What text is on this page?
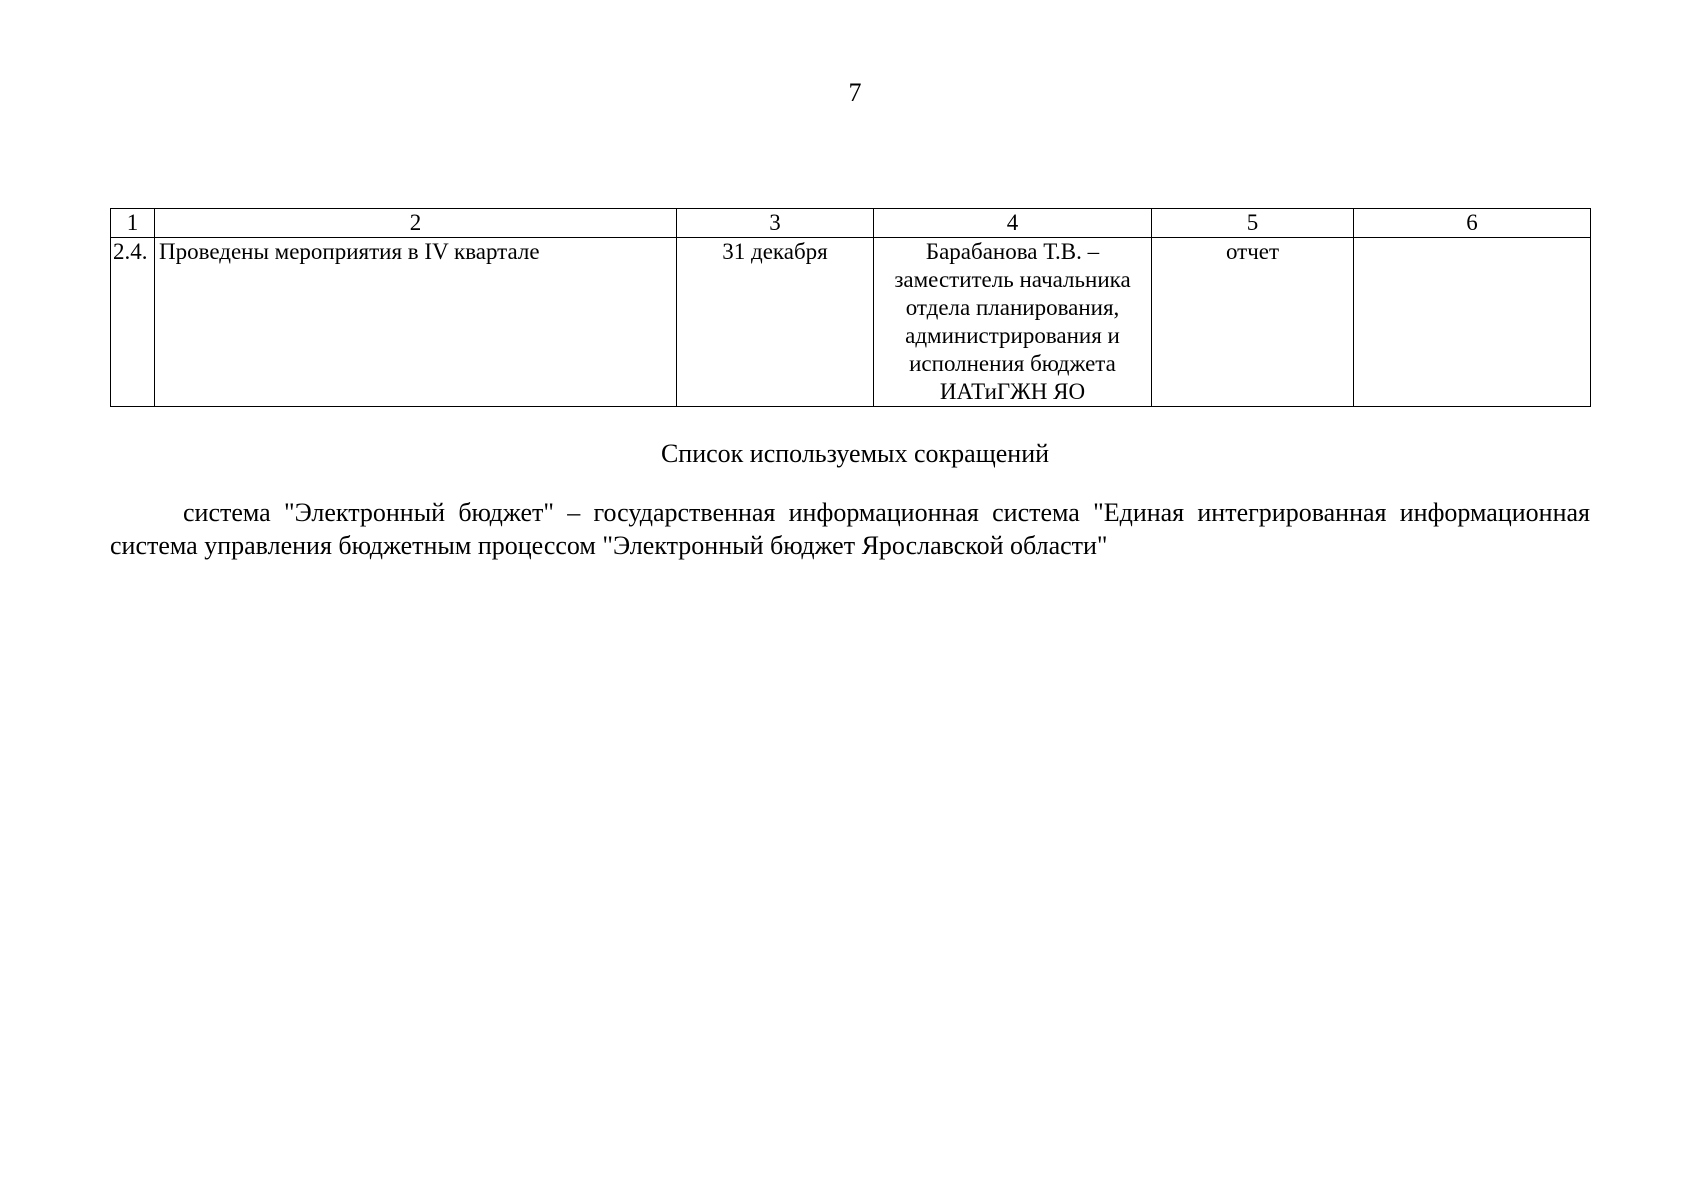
7
1	2	3	4	5	6
2.4.	Проведены мероприятия в IV квартале	31 декабря	Барабанова Т.В. – заместитель начальника отдела планирования, администрирования и исполнения бюджета ИАТиГЖН ЯО	отчет	
Список используемых сокращений

система "Электронный бюджет" – государственная информационная система "Единая интегрированная информационная система управления бюджетным процессом "Электронный бюджет Ярославской области"
